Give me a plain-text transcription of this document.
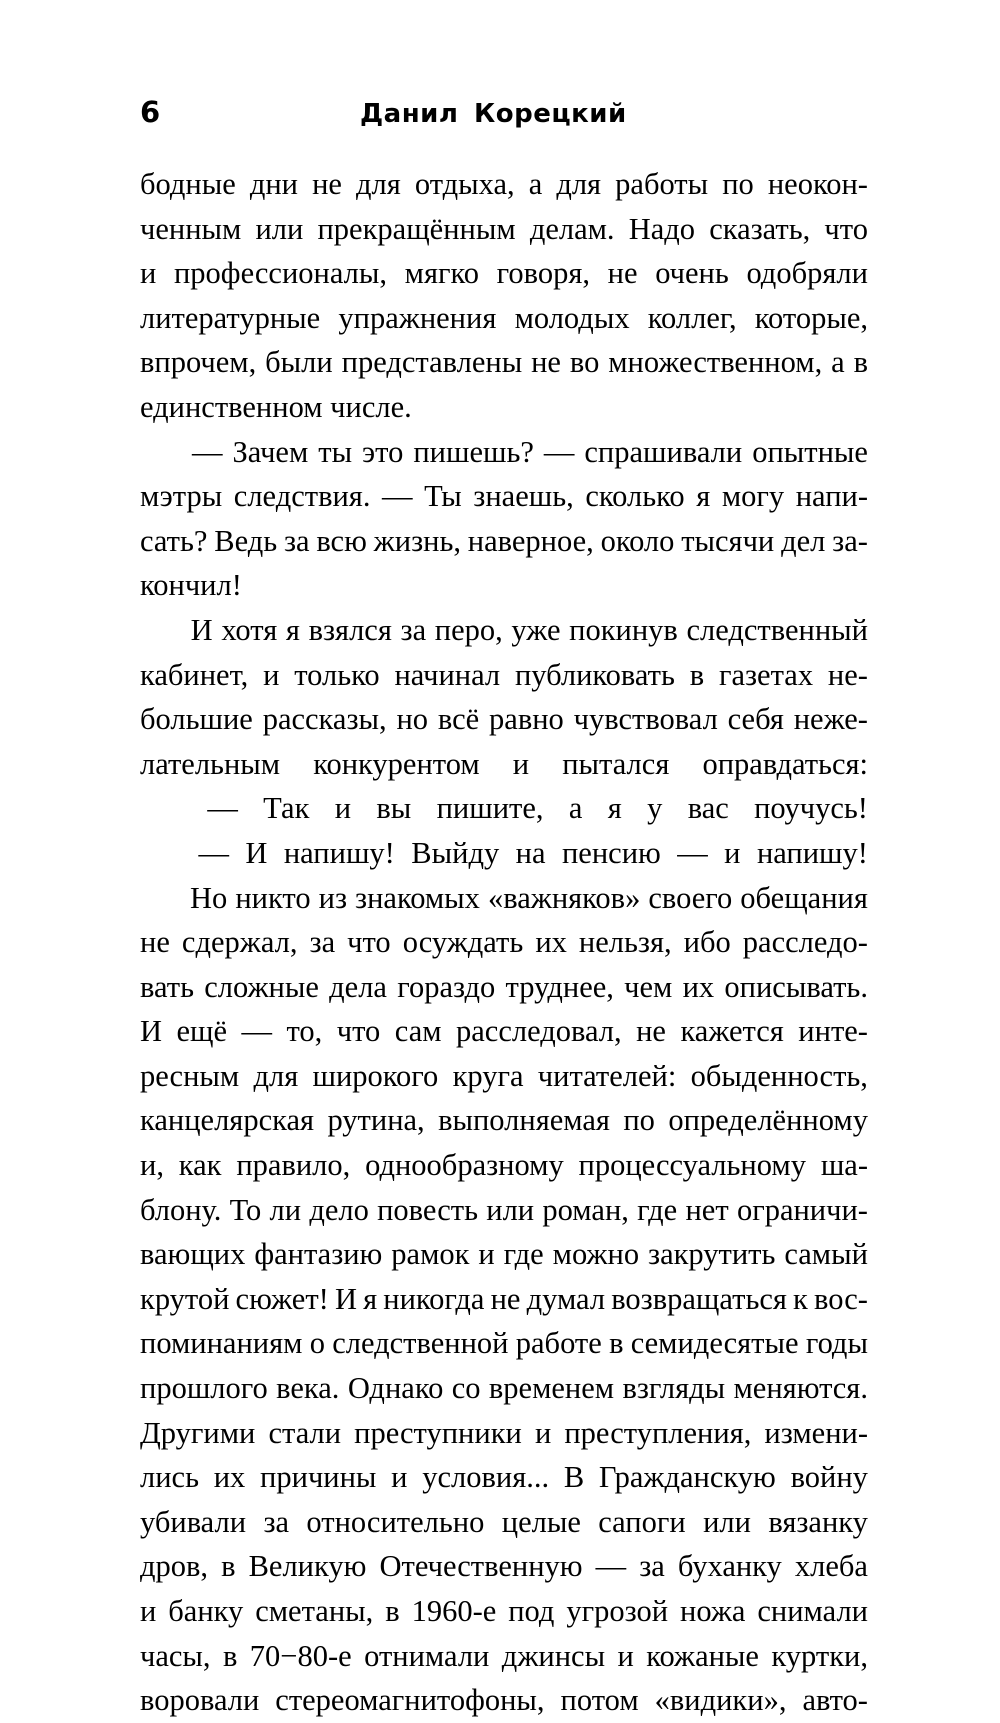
6	Данил Корецкий
бодные дни не для отдыха, а для работы по неокон-
ченным или прекращённым делам. Надо сказать, что
и профессионалы, мягко говоря, не очень одобряли
литературные упражнения молодых коллег, которые,
впрочем, были представлены не во множественном, а в
единственном числе.
— Зачем ты это пишешь? — спрашивали опытные
мэтры следствия. — Ты знаешь, сколько я могу напи-
сать? Ведь за всю жизнь, наверное, около тысячи дел за-
кончил!
И хотя я взялся за перо, уже покинув следственный
кабинет, и только начинал публиковать в газетах не-
большие рассказы, но всё равно чувствовал себя неже-
лательным конкурентом и пытался оправдаться:
— Так и вы пишите, а я у вас поучусь!
— И напишу! Выйду на пенсию — и напишу!
Но никто из знакомых «важняков» своего обещания
не сдержал, за что осуждать их нельзя, ибо расследо-
вать сложные дела гораздо труднее, чем их описывать.
И ещё — то, что сам расследовал, не кажется инте-
ресным для широкого круга читателей: обыденность,
канцелярская рутина, выполняемая по определённому
и, как правило, однообразному процессуальному ша-
блону. То ли дело повесть или роман, где нет ограничи-
вающих фантазию рамок и где можно закрутить самый
крутой сюжет! И я никогда не думал возвращаться к вос-
поминаниям о следственной работе в семидесятые годы
прошлого века. Однако со временем взгляды меняются.
Другими стали преступники и преступления, измени-
лись их причины и условия... В Гражданскую войну
убивали за относительно целые сапоги или вязанку
дров, в Великую Отечественную — за буханку хлеба
и банку сметаны, в 1960-е под угрозой ножа снимали
часы, в 70−80-е отнимали джинсы и кожаные куртки,
воровали стереомагнитофоны, потом «видики», авто-
